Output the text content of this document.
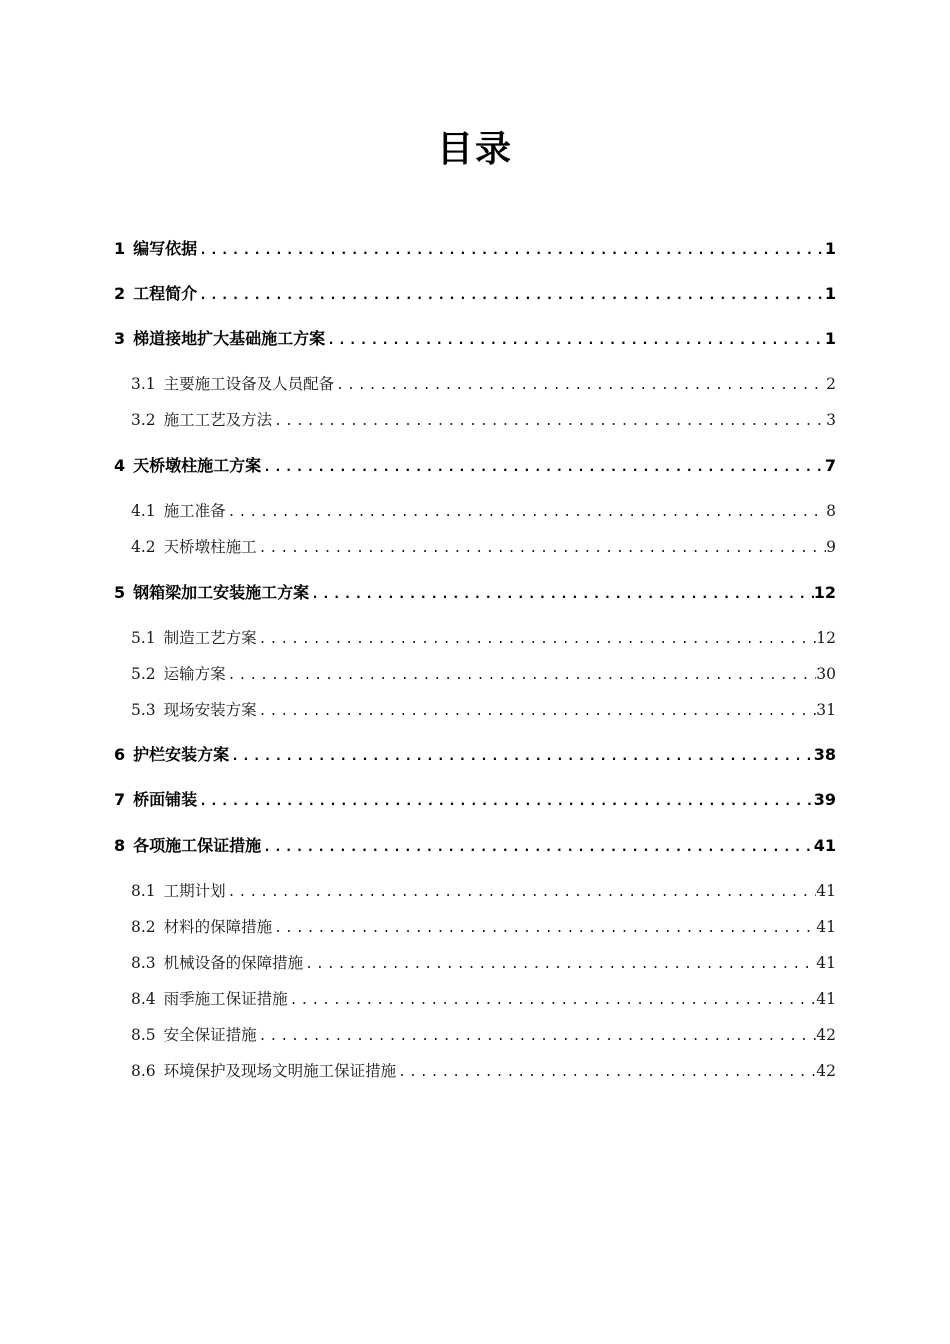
目录
1 编写依据 .....	1
2 工程简介 .....	1
3 梯道接地扩大基础施工方案 .....	1
3.1 主要施工设备及人员配备 .....	2
3.2 施工工艺及方法 .....	3
4 天桥墩柱施工方案 .....	7
4.1 施工准备 .....	8
4.2 天桥墩柱施工 .....	9
5 钢箱梁加工安装施工方案 .....	12
5.1 制造工艺方案 .....	12
5.2 运输方案 .....	30
5.3 现场安装方案 .....	31
6 护栏安装方案 .....	38
7 桥面铺装 .....	39
8 各项施工保证措施 .....	41
8.1 工期计划 .....	41
8.2 材料的保障措施 .....	41
8.3 机械设备的保障措施 .....	41
8.4 雨季施工保证措施 .....	41
8.5 安全保证措施 .....	42
8.6 环境保护及现场文明施工保证措施 .....	42
